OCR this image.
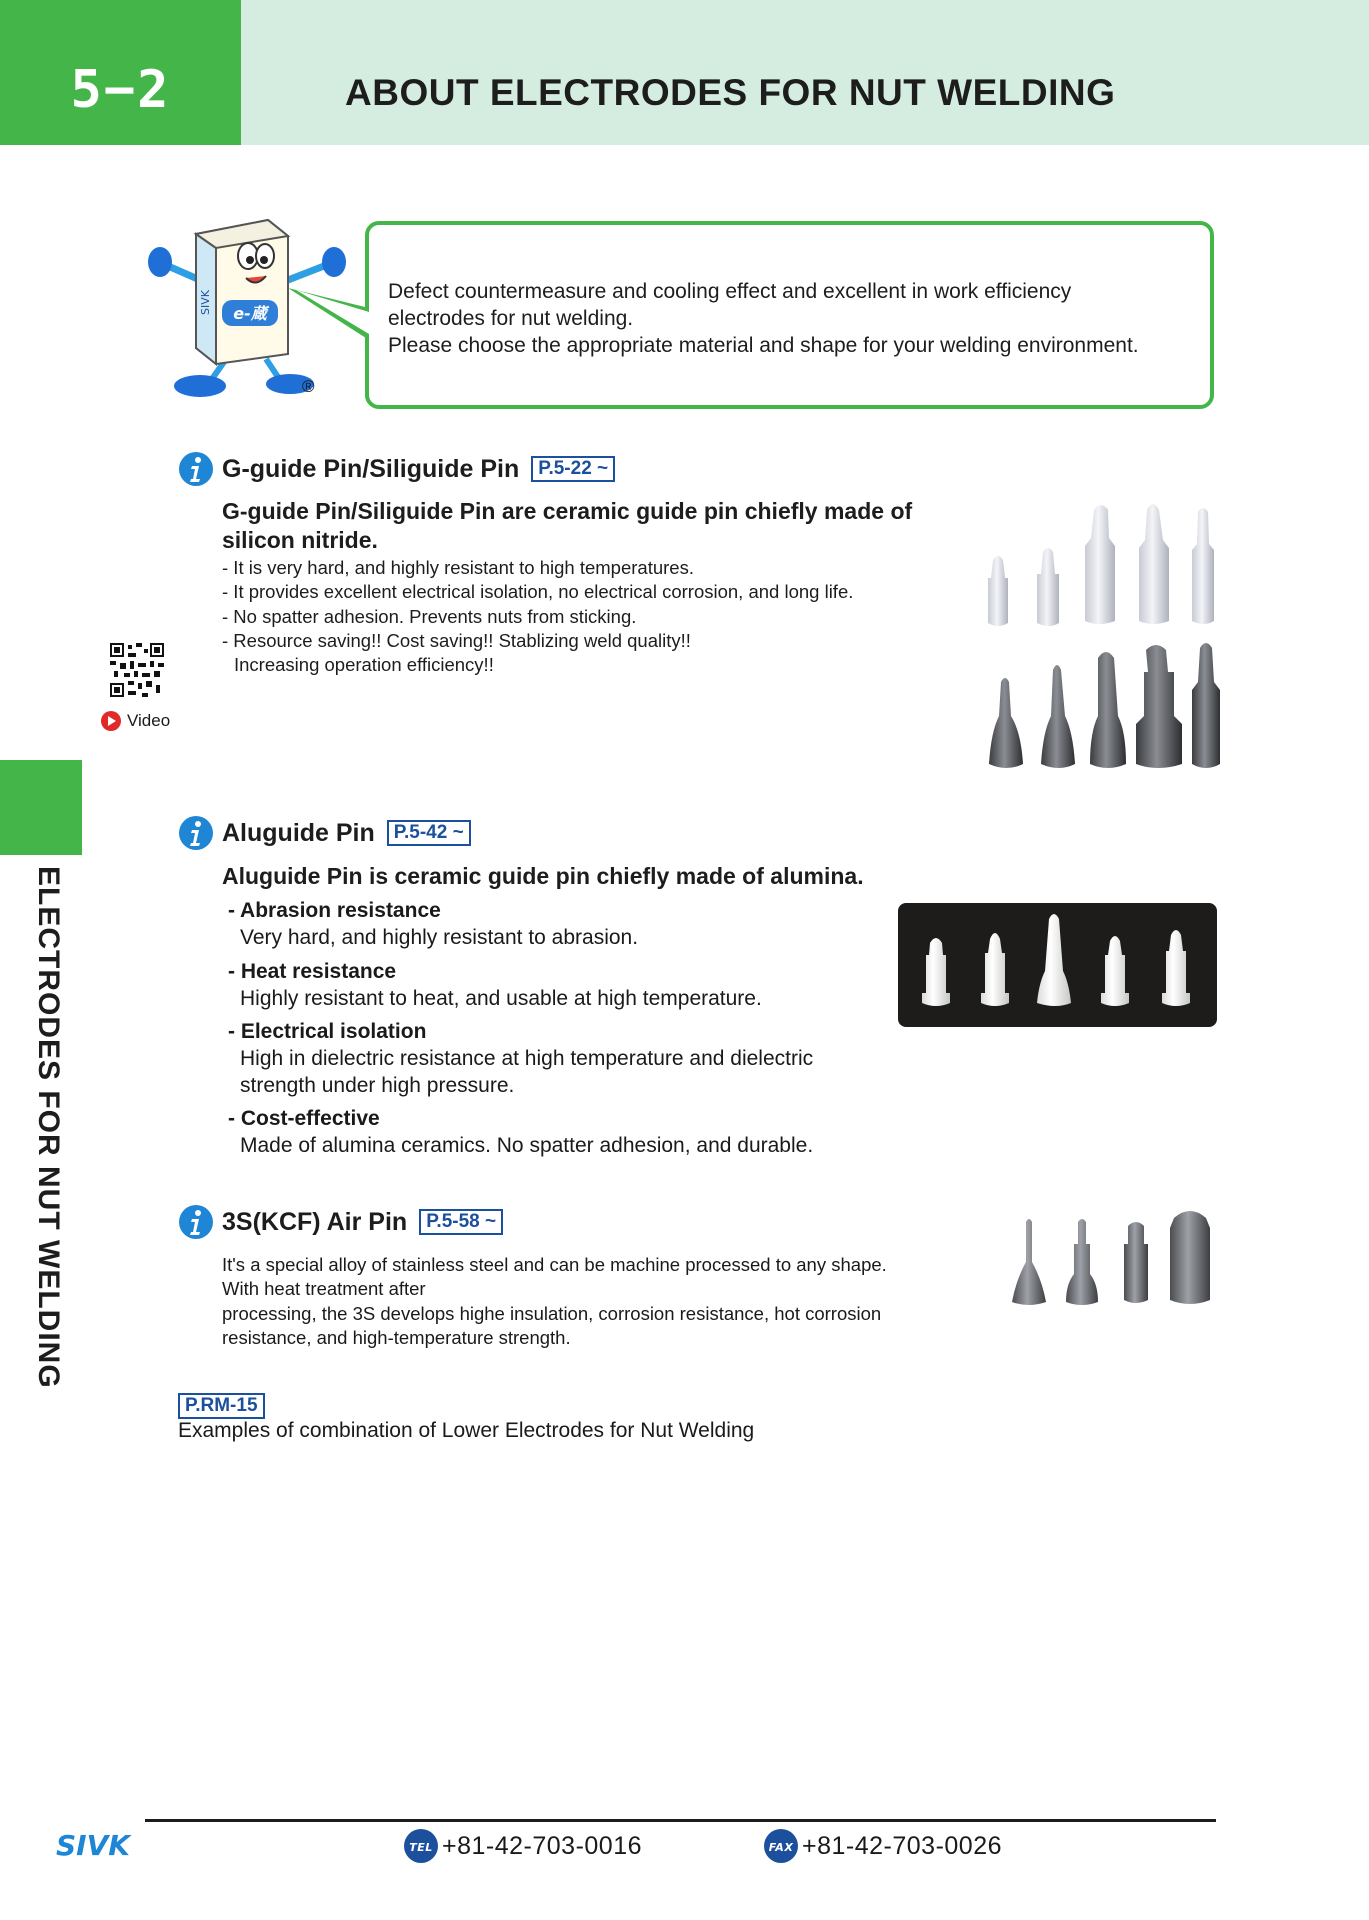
5−2	ABOUT ELECTRODES FOR NUT WELDING
ELECTRODES FOR NUT WELDING
SIVK e-蔵
®
Defect countermeasure and cooling effect and excellent in work efficiency
electrodes for nut welding.
Please choose the appropriate material and shape for your welding environment.
G-guide Pin/Siliguide Pin	P.5-22 ~
G-guide Pin/Siliguide Pin are ceramic guide pin chiefly made of
silicon nitride.
- It is very hard, and highly resistant to high temperatures.
- It provides excellent electrical isolation, no electrical corrosion, and long life.
- No spatter adhesion. Prevents nuts from sticking.
- Resource saving!! Cost saving!! Stablizing weld quality!!
Increasing operation efficiency!!
Video
Aluguide Pin	P.5-42 ~
Aluguide Pin is ceramic guide pin chiefly made of alumina.
- Abrasion resistance
Very hard, and highly resistant to abrasion.
- Heat resistance
Highly resistant to heat, and usable at high temperature.
- Electrical isolation
High in dielectric resistance at high temperature and dielectric
strength under high pressure.
- Cost-effective
Made of alumina ceramics. No spatter adhesion, and durable.
3S(KCF) Air Pin	P.5-58 ~
It's a special alloy of stainless steel and can be machine processed to any shape.
With heat treatment after
processing, the 3S develops highe insulation, corrosion resistance, hot corrosion
resistance, and high-temperature strength.
P.RM-15
Examples of combination of Lower Electrodes for Nut Welding
SIVK	TEL +81-42-703-0016	FAX +81-42-703-0026
